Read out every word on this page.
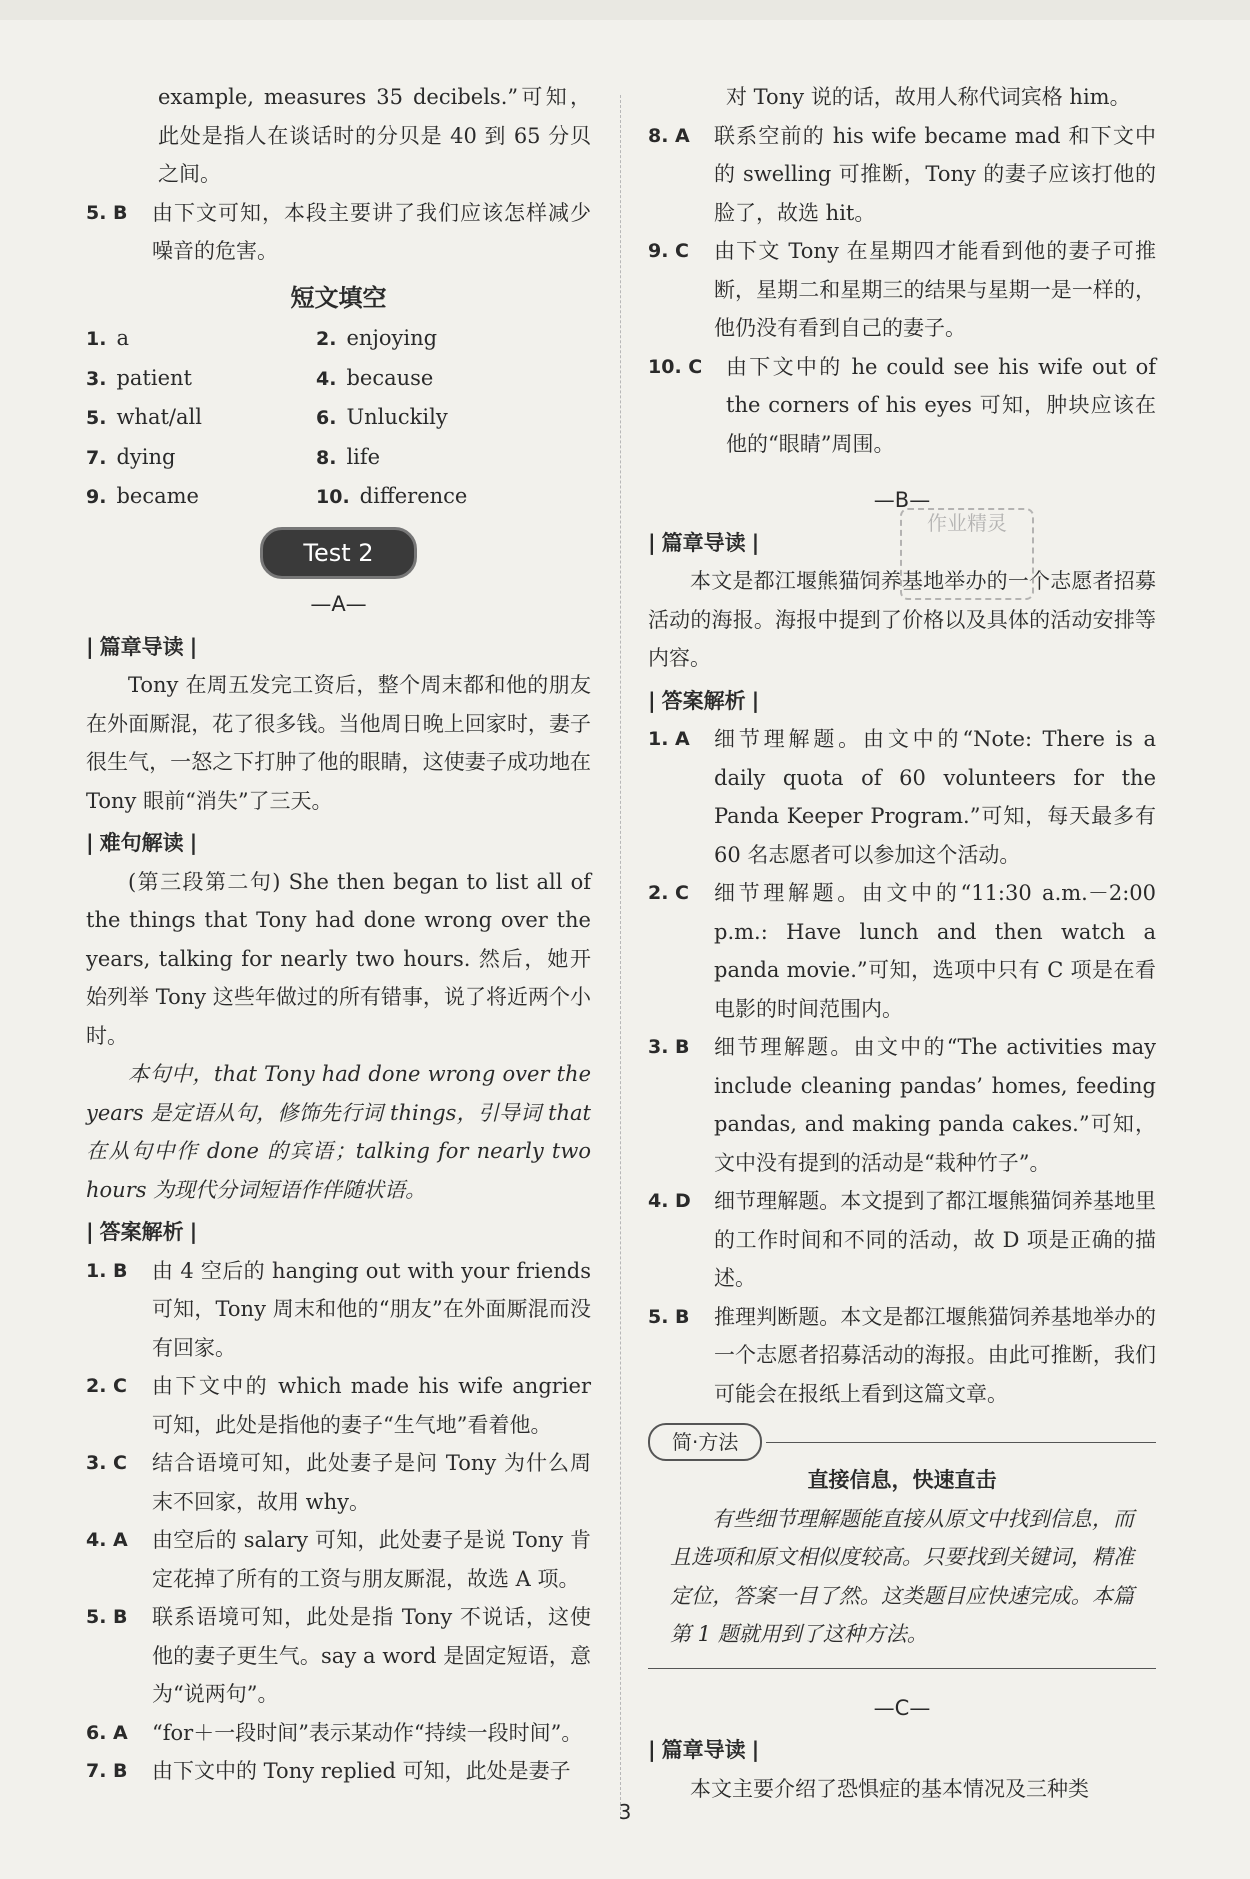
example, measures 35 decibels.”可知，此处是指人在谈话时的分贝是 40 到 65 分贝之间。

5. B	由下文可知，本段主要讲了我们应该怎样减少噪音的危害。
短文填空
1. a	2. enjoying
3. patient	4. because
5. what/all	6. Unluckily
7. dying	8. life
9. became	10. difference
Test 2
—A—
| 篇章导读 |

Tony 在周五发完工资后，整个周末都和他的朋友在外面厮混，花了很多钱。当他周日晚上回家时，妻子很生气，一怒之下打肿了他的眼睛，这使妻子成功地在 Tony 眼前“消失”了三天。

| 难句解读 |

(第三段第二句) She then began to list all of the things that Tony had done wrong over the years, talking for nearly two hours. 然后，她开始列举 Tony 这些年做过的所有错事，说了将近两个小时。

本句中，that Tony had done wrong over the years 是定语从句，修饰先行词 things，引导词 that 在从句中作 done 的宾语；talking for nearly two hours 为现代分词短语作伴随状语。

| 答案解析 |
1. B	由 4 空后的 hanging out with your friends 可知，Tony 周末和他的“朋友”在外面厮混而没有回家。
2. C	由下文中的 which made his wife angrier 可知，此处是指他的妻子“生气地”看着他。
3. C	结合语境可知，此处妻子是问 Tony 为什么周末不回家，故用 why。
4. A	由空后的 salary 可知，此处妻子是说 Tony 肯定花掉了所有的工资与朋友厮混，故选 A 项。
5. B	联系语境可知，此处是指 Tony 不说话，这使他的妻子更生气。say a word 是固定短语，意为“说两句”。
6. A	“for＋一段时间”表示某动作“持续一段时间”。
7. B	由下文中的 Tony replied 可知，此处是妻子

对 Tony 说的话，故用人称代词宾格 him。

8. A	联系空前的 his wife became mad 和下文中的 swelling 可推断，Tony 的妻子应该打他的脸了，故选 hit。
9. C	由下文 Tony 在星期四才能看到他的妻子可推断，星期二和星期三的结果与星期一是一样的，他仍没有看到自己的妻子。
10. C	由下文中的 he could see his wife out of the corners of his eyes 可知，肿块应该在他的“眼睛”周围。
—B—
| 篇章导读 |

本文是都江堰熊猫饲养基地举办的一个志愿者招募活动的海报。海报中提到了价格以及具体的活动安排等内容。

| 答案解析 |
1. A	细节理解题。由文中的“Note: There is a daily quota of 60 volunteers for the Panda Keeper Program.”可知，每天最多有 60 名志愿者可以参加这个活动。
2. C	细节理解题。由文中的“11:30 a.m.－2:00 p.m.: Have lunch and then watch a panda movie.”可知，选项中只有 C 项是在看电影的时间范围内。
3. B	细节理解题。由文中的“The activities may include cleaning pandas’ homes, feeding pandas, and making panda cakes.”可知，文中没有提到的活动是“栽种竹子”。
4. D	细节理解题。本文提到了都江堰熊猫饲养基地里的工作时间和不同的活动，故 D 项是正确的描述。
5. B	推理判断题。本文是都江堰熊猫饲养基地举办的一个志愿者招募活动的海报。由此可推断，我们可能会在报纸上看到这篇文章。
简·方法
直接信息，快速直击

有些细节理解题能直接从原文中找到信息，而且选项和原文相似度较高。只要找到关键词，精准定位，答案一目了然。这类题目应快速完成。本篇第 1 题就用到了这种方法。

—C—
| 篇章导读 |

本文主要介绍了恐惧症的基本情况及三种类

作业精灵
3
